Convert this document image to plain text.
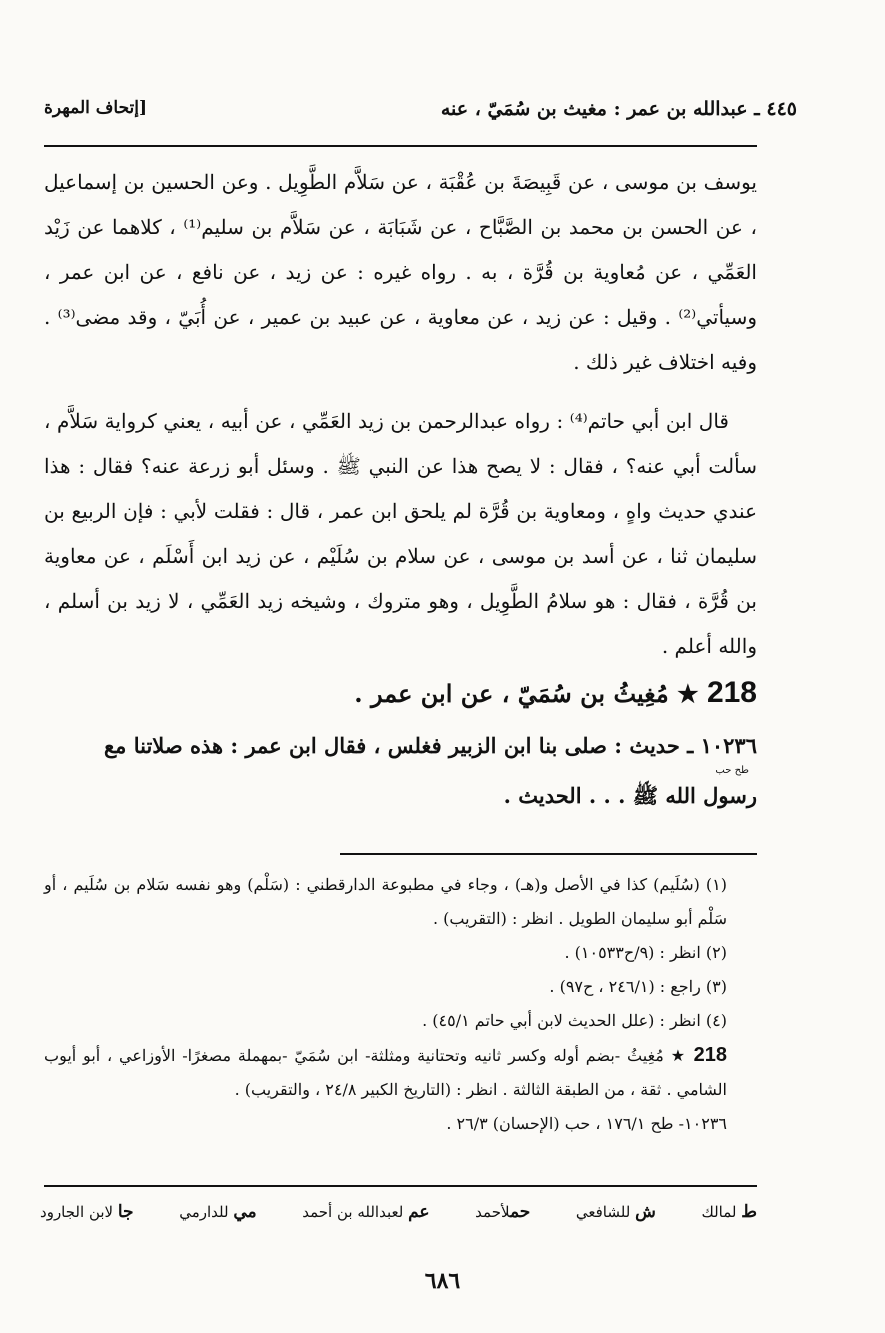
٤٤٥ ـ عبدالله بن عمر : مغيث بن سُمَيّ ، عنه
[إتحاف المهرة

يوسف بن موسى ، عن قَبِيصَةَ بن عُقْبَة ، عن سَلاَّم الطَّوِيل . وعن الحسين بن إسماعيل ، عن الحسن بن محمد بن الصَّبَّاح ، عن شَبَابَة ، عن سَلاَّم بن سليم⁽¹⁾ ، كلاهما عن زَيْد العَمِّي ، عن مُعاوية بن قُرَّة ، به . رواه غيره : عن زيد ، عن نافع ، عن ابن عمر ، وسيأتي⁽²⁾ . وقيل : عن زيد ، عن معاوية ، عن عبيد بن عمير ، عن أُبَيّ ، وقد مضى⁽³⁾ . وفيه اختلاف غير ذلك .

قال ابن أبي حاتم⁽⁴⁾ : رواه عبدالرحمن بن زيد العَمِّي ، عن أبيه ، يعني كرواية سَلاَّم ، سألت أبي عنه؟ ، فقال : لا يصح هذا عن النبي ﷺ . وسئل أبو زرعة عنه؟ فقال : هذا عندي حديث واهٍ ، ومعاوية بن قُرَّة لم يلحق ابن عمر ، قال : فقلت لأبي : فإن الربيع بن سليمان ثنا ، عن أسد بن موسى ، عن سلام بن سُلَيْم ، عن زيد ابن أَسْلَم ، عن معاوية بن قُرَّة ، فقال : هو سلامُ الطَّوِيل ، وهو متروك ، وشيخه زيد العَمِّي ، لا زيد بن أسلم ، والله أعلم .

218 ★ مُغِيثُ بن سُمَيّ ، عن ابن عمر .

١٠٢٣٦ ـ حديث : صلى بنا ابن الزبير فغلس ، فقال ابن عمر : هذه صلاتنا مع
طح حب
رسول الله ﷺ . . . الحديث .

(١) (سُلَيم) كذا في الأصل و(هـ) ، وجاء في مطبوعة الدارقطني : (سَلْم) وهو نفسه سَلام بن سُلَيم ، أو سَلْم أبو سليمان الطويل . انظر : (التقريب) .

(٢) انظر : (٩/ح١٠٥٣٣) .

(٣) راجع : (٢٤٦/١ ، ح٩٧) .

(٤) انظر : (علل الحديث لابن أبي حاتم ٤٥/١) .

218 ★ مُغِيثُ -بضم أوله وكسر ثانيه وتحتانية ومثلثة- ابن سُمَيّ -بمهملة مصغرًا- الأوزاعي ، أبو أيوب الشامي . ثقة ، من الطبقة الثالثة . انظر : (التاريخ الكبير ٢٤/٨ ، والتقريب) .

١٠٢٣٦- طح ١٧٦/١ ، حب (الإحسان) ٢٦/٣ .

ط لمالك
ش للشافعي
حملأحمد
عم لعبدالله بن أحمد
مي للدارمي
جا لابن الجارود
٦٨٦
